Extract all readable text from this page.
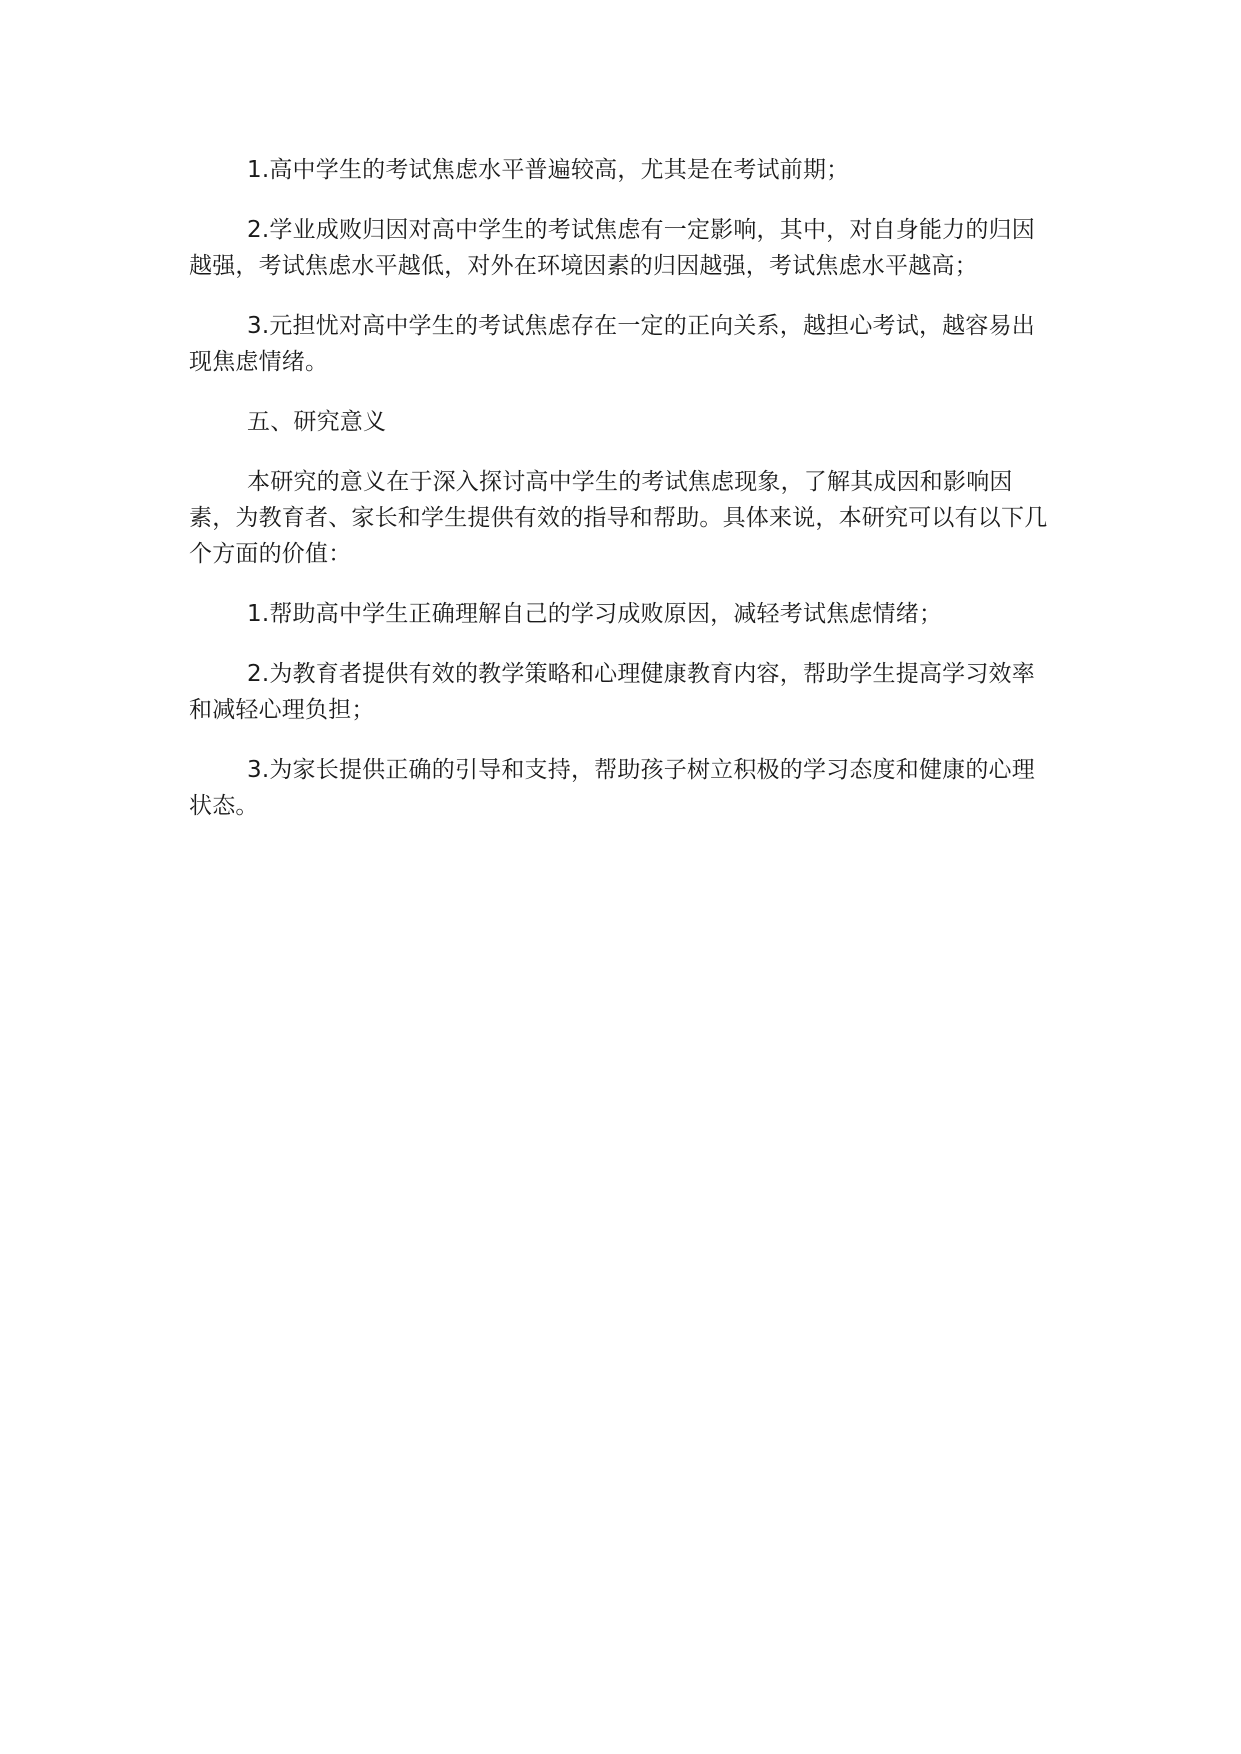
1.高中学生的考试焦虑水平普遍较高，尤其是在考试前期；

2.学业成败归因对高中学生的考试焦虑有一定影响，其中，对自身能力的归因越强，考试焦虑水平越低，对外在环境因素的归因越强，考试焦虑水平越高；

3.元担忧对高中学生的考试焦虑存在一定的正向关系，越担心考试，越容易出现焦虑情绪。

五、研究意义

本研究的意义在于深入探讨高中学生的考试焦虑现象，了解其成因和影响因素，为教育者、家长和学生提供有效的指导和帮助。具体来说，本研究可以有以下几个方面的价值：

1.帮助高中学生正确理解自己的学习成败原因，减轻考试焦虑情绪；

2.为教育者提供有效的教学策略和心理健康教育内容，帮助学生提高学习效率和减轻心理负担；

3.为家长提供正确的引导和支持，帮助孩子树立积极的学习态度和健康的心理状态。
